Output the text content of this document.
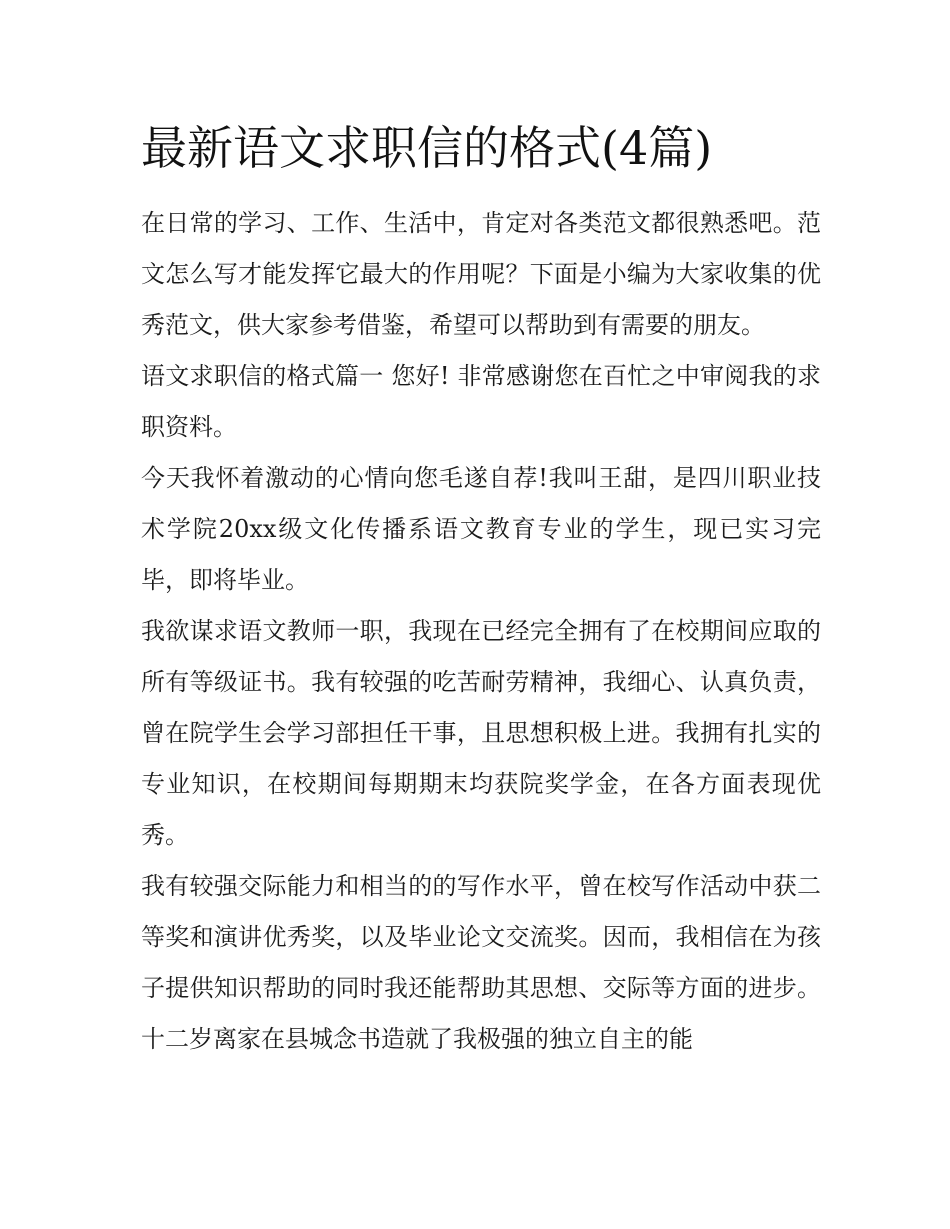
最新语文求职信的格式(4篇)

在日常的学习、工作、生活中，肯定对各类范文都很熟悉吧。范文怎么写才能发挥它最大的作用呢？下面是小编为大家收集的优秀范文，供大家参考借鉴，希望可以帮助到有需要的朋友。

语文求职信的格式篇一 您好! 非常感谢您在百忙之中审阅我的求职资料。

今天我怀着激动的心情向您毛遂自荐!我叫王甜，是四川职业技术学院20xx级文化传播系语文教育专业的学生，现已实习完毕，即将毕业。

我欲谋求语文教师一职，我现在已经完全拥有了在校期间应取的所有等级证书。我有较强的吃苦耐劳精神，我细心、认真负责，曾在院学生会学习部担任干事，且思想积极上进。我拥有扎实的专业知识，在校期间每期期末均获院奖学金，在各方面表现优秀。

我有较强交际能力和相当的的写作水平，曾在校写作活动中获二等奖和演讲优秀奖，以及毕业论文交流奖。因而，我相信在为孩子提供知识帮助的同时我还能帮助其思想、交际等方面的进步。十二岁离家在县城念书造就了我极强的独立自主的能
